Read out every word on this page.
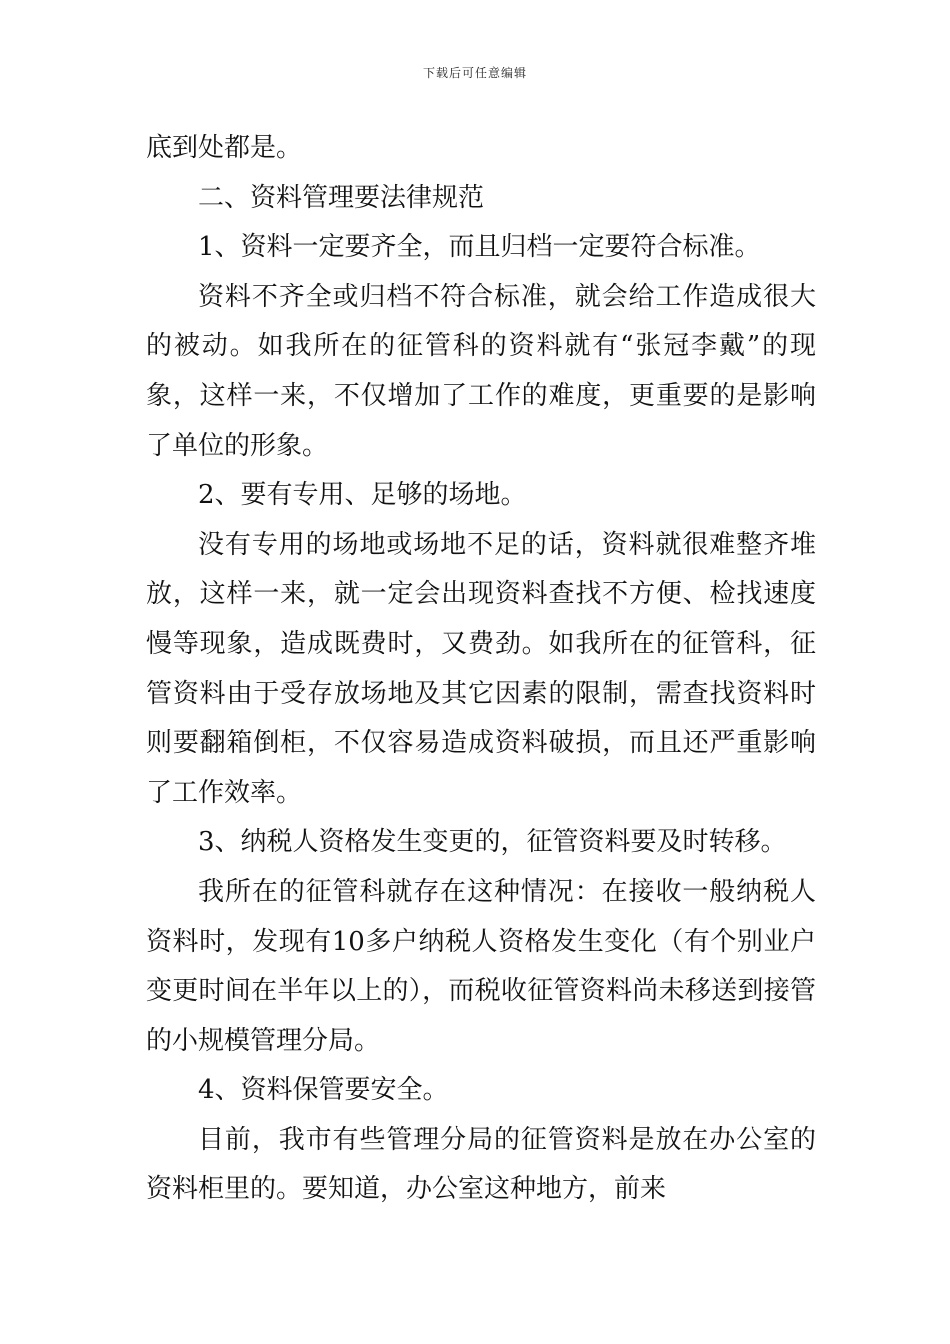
下载后可任意编辑

底到处都是。

二、资料管理要法律规范

1、资料一定要齐全，而且归档一定要符合标准。

资料不齐全或归档不符合标准，就会给工作造成很大的被动。如我所在的征管科的资料就有“张冠李戴”的现象，这样一来，不仅增加了工作的难度，更重要的是影响了单位的形象。

2、要有专用、足够的场地。

没有专用的场地或场地不足的话，资料就很难整齐堆放，这样一来，就一定会出现资料查找不方便、检找速度慢等现象，造成既费时，又费劲。如我所在的征管科，征管资料由于受存放场地及其它因素的限制，需查找资料时则要翻箱倒柜，不仅容易造成资料破损，而且还严重影响了工作效率。

3、纳税人资格发生变更的，征管资料要及时转移。

我所在的征管科就存在这种情况：在接收一般纳税人资料时，发现有10多户纳税人资格发生变化（有个别业户变更时间在半年以上的），而税收征管资料尚未移送到接管的小规模管理分局。

4、资料保管要安全。

目前，我市有些管理分局的征管资料是放在办公室的资料柜里的。要知道，办公室这种地方，前来
